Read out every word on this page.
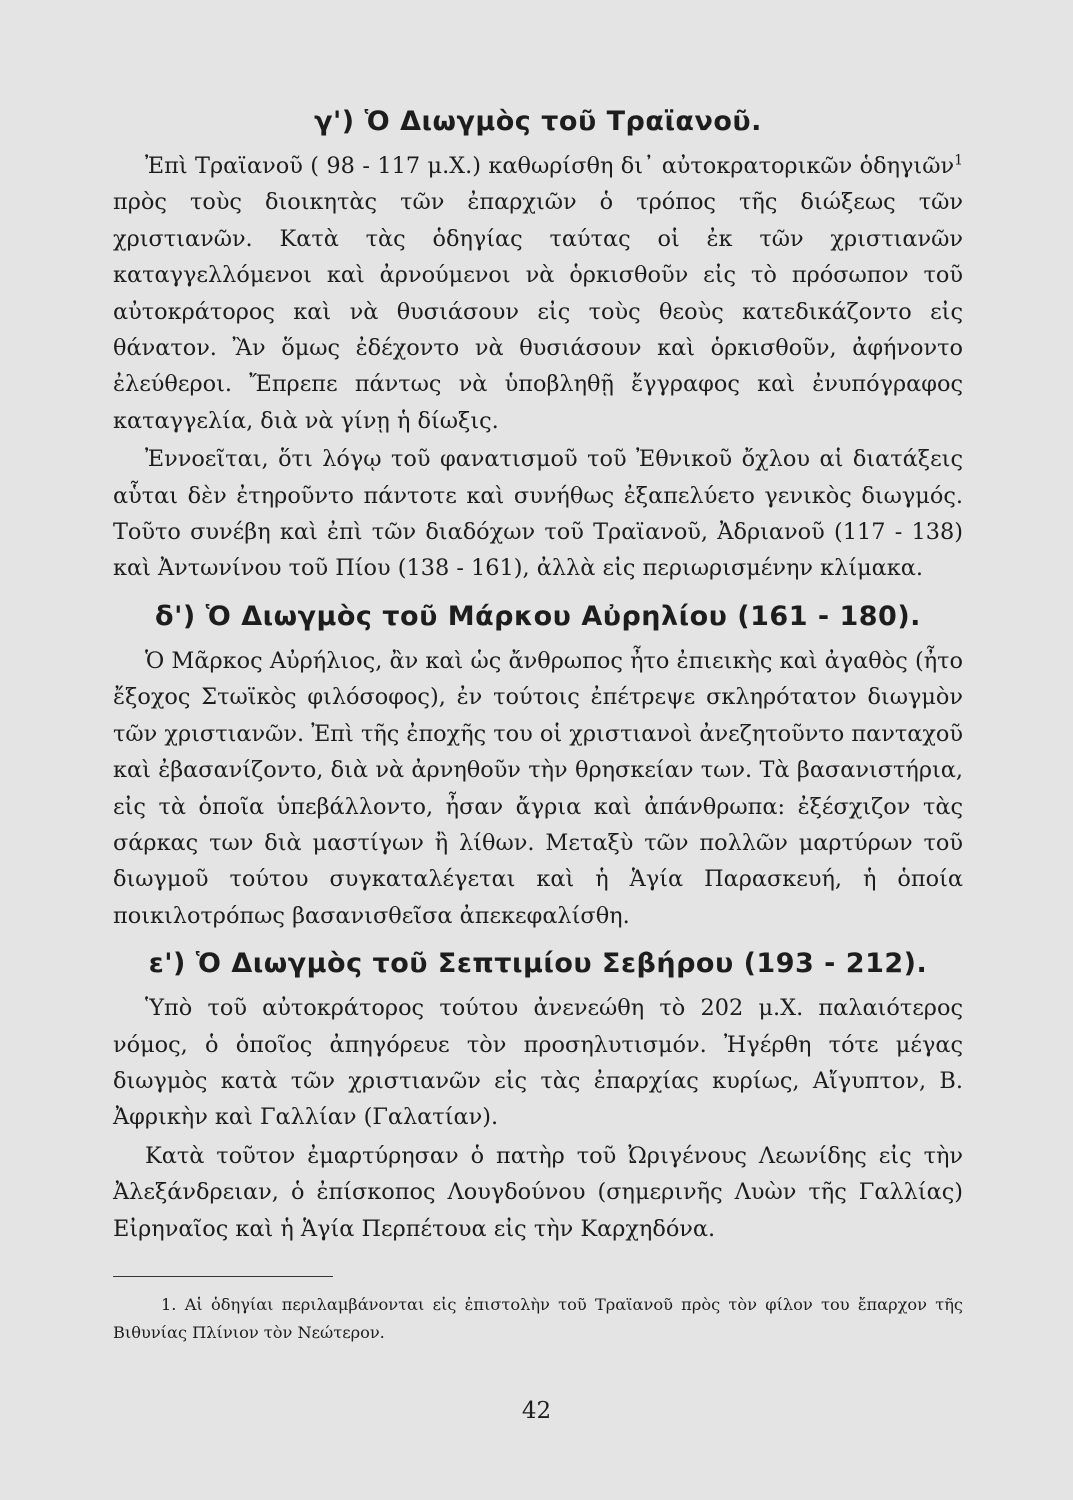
γ') Ὁ Διωγμὸς τοῦ Τραϊανοῦ.

Ἐπὶ Τραϊανοῦ ( 98 - 117 μ.Χ.) καθωρίσθη δι᾽ αὐτοκρατορικῶν ὁδηγιῶν$^1$ πρὸς τοὺς διοικητὰς τῶν ἐπαρχιῶν ὁ τρόπος τῆς διώξεως τῶν χριστιανῶν. Κατὰ τὰς ὁδηγίας ταύτας οἱ ἐκ τῶν χριστιανῶν καταγγελλόμενοι καὶ ἀρνούμενοι νὰ ὁρκισθοῦν εἰς τὸ πρόσωπον τοῦ αὐτοκράτορος καὶ νὰ θυσιάσουν εἰς τοὺς θεοὺς κατεδικάζοντο εἰς θάνατον. Ἂν ὅμως ἐδέχοντο νὰ θυσιάσουν καὶ ὁρκισθοῦν, ἀφήνοντο ἐλεύθεροι. Ἔπρεπε πάντως νὰ ὑποβληθῇ ἔγγραφος καὶ ἐνυπόγραφος καταγγελία, διὰ νὰ γίνῃ ἡ δίωξις.

Ἐννοεῖται, ὅτι λόγῳ τοῦ φανατισμοῦ τοῦ Ἐθνικοῦ ὄχλου αἱ διατάξεις αὗται δὲν ἐτηροῦντο πάντοτε καὶ συνήθως ἐξαπελύετο γενικὸς διωγμός. Τοῦτο συνέβη καὶ ἐπὶ τῶν διαδόχων τοῦ Τραϊανοῦ, Ἀδριανοῦ (117 - 138) καὶ Ἀντωνίνου τοῦ Πίου (138 - 161), ἀλλὰ εἰς περιωρισμένην κλίμακα.

δ') Ὁ Διωγμὸς τοῦ Μάρκου Αὐρηλίου (161 - 180).

Ὁ Μᾶρκος Αὐρήλιος, ἂν καὶ ὡς ἄνθρωπος ἦτο ἐπιεικὴς καὶ ἀγαθὸς (ἦτο ἔξοχος Στωϊκὸς φιλόσοφος), ἐν τούτοις ἐπέτρεψε σκληρότατον διωγμὸν τῶν χριστιανῶν. Ἐπὶ τῆς ἐποχῆς του οἱ χριστιανοὶ ἀνεζητοῦντο πανταχοῦ καὶ ἐβασανίζοντο, διὰ νὰ ἀρνηθοῦν τὴν θρησκείαν των. Τὰ βασανιστήρια, εἰς τὰ ὁποῖα ὑπεβάλλοντο, ἦσαν ἄγρια καὶ ἀπάνθρωπα: ἐξέσχιζον τὰς σάρκας των διὰ μαστίγων ἢ λίθων. Μεταξὺ τῶν πολλῶν μαρτύρων τοῦ διωγμοῦ τούτου συγκαταλέγεται καὶ ἡ Ἁγία Παρασκευή, ἡ ὁποία ποικιλοτρόπως βασανισθεῖσα ἀπεκεφαλίσθη.

ε') Ὁ Διωγμὸς τοῦ Σεπτιμίου Σεβήρου (193 - 212).

Ὑπὸ τοῦ αὐτοκράτορος τούτου ἀνενεώθη τὸ 202 μ.Χ. παλαιότερος νόμος, ὁ ὁποῖος ἀπηγόρευε τὸν προσηλυτισμόν. Ἠγέρθη τότε μέγας διωγμὸς κατὰ τῶν χριστιανῶν εἰς τὰς ἐπαρχίας κυρίως, Αἴγυπτον, Β. Ἀφρικὴν καὶ Γαλλίαν (Γαλατίαν).

Κατὰ τοῦτον ἐμαρτύρησαν ὁ πατὴρ τοῦ Ὠριγένους Λεωνίδης εἰς τὴν Ἀλεξάνδρειαν, ὁ ἐπίσκοπος Λουγδούνου (σημερινῆς Λυὼν τῆς Γαλλίας) Εἰρηναῖος καὶ ἡ Ἁγία Περπέτουα εἰς τὴν Καρχηδόνα.

1. Αἱ ὁδηγίαι περιλαμβάνονται εἰς ἐπιστολὴν τοῦ Τραϊανοῦ πρὸς τὸν φίλον του ἔπαρχον τῆς Βιθυνίας Πλίνιον τὸν Νεώτερον.

42
